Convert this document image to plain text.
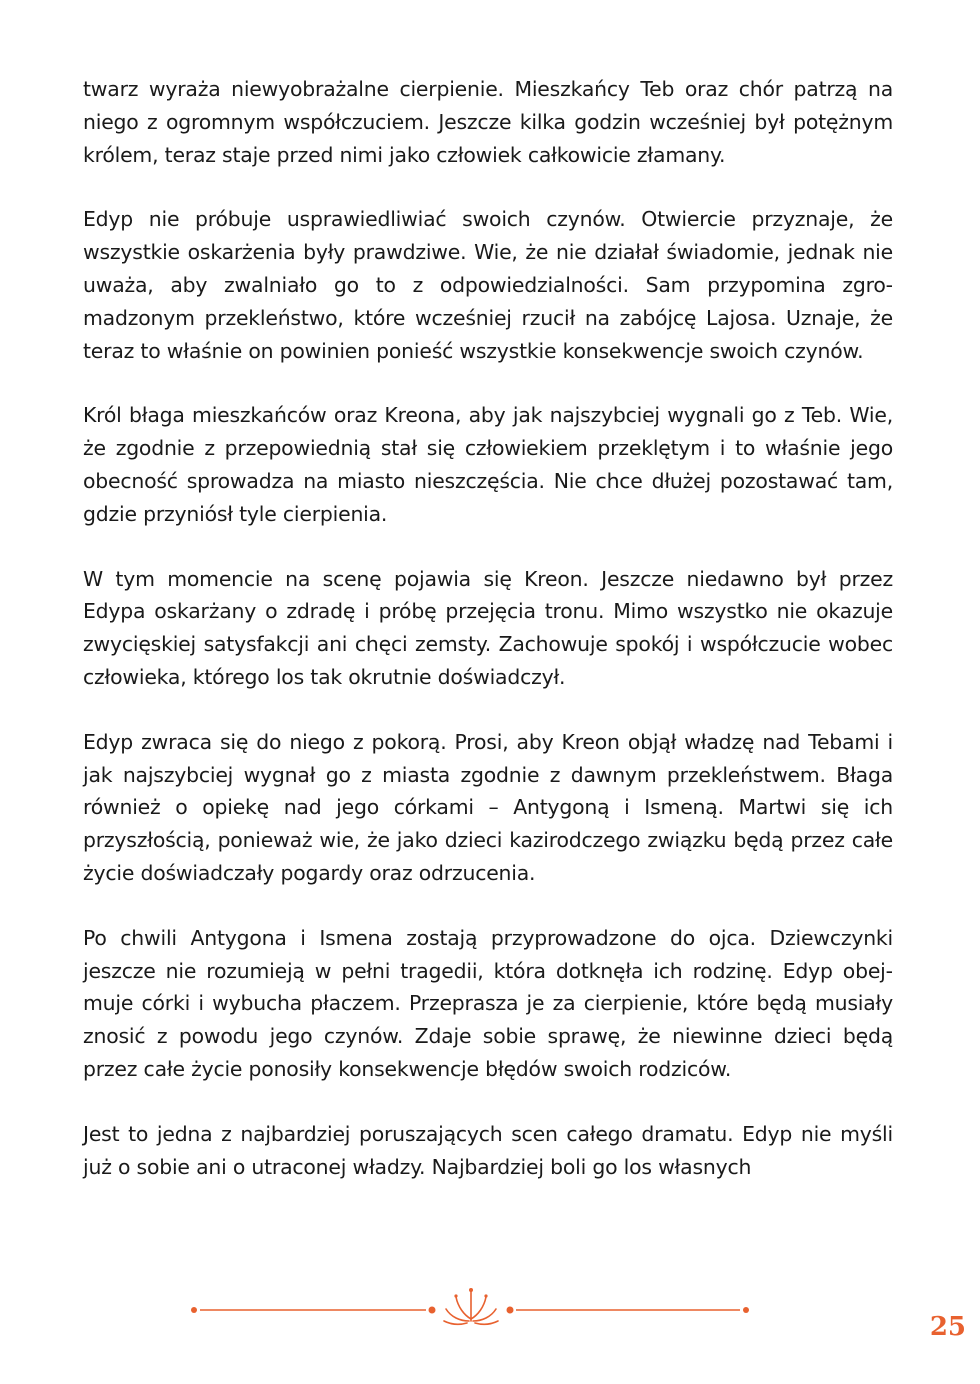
twarz wyraża niewyobrażalne cierpienie. Mieszkańcy Teb oraz chór patrzą na niego z ogromnym współczuciem. Jeszcze kilka godzin wcześniej był potężnym królem, teraz staje przed nimi jako człowiek całkowicie złamany.

Edyp nie próbuje usprawiedliwiać swoich czynów. Otwiercie przyznaje, że wszystkie oskarżenia były prawdziwe. Wie, że nie działał świadomie, jednak nie uważa, aby zwalniało go to z odpowiedzialności. Sam przypomina zgromadzonym przekleństwo, które wcześniej rzucił na zabójcę Lajosa. Uznaje, że teraz to właśnie on powinien ponieść wszystkie konsekwencje swoich czynów.

Król błaga mieszkańców oraz Kreona, aby jak najszybciej wygnali go z Teb. Wie, że zgodnie z przepowiednią stał się człowiekiem przeklętym i to właśnie jego obecność sprowadza na miasto nieszczęścia. Nie chce dłużej pozostawać tam, gdzie przyniósł tyle cierpienia.

W tym momencie na scenę pojawia się Kreon. Jeszcze niedawno był przez Edypa oskarżany o zdradę i próbę przejęcia tronu. Mimo wszystko nie okazuje zwycięskiej satysfakcji ani chęci zemsty. Zachowuje spokój i współczucie wobec człowieka, którego los tak okrutnie doświadczył.

Edyp zwraca się do niego z pokorą. Prosi, aby Kreon objął władzę nad Tebami i jak najszybciej wygnał go z miasta zgodnie z dawnym przekleństwem. Błaga również o opiekę nad jego córkami – Antygoną i Ismeną. Martwi się ich przyszłością, ponieważ wie, że jako dzieci kazirodczego związku będą przez całe życie doświadczały pogardy oraz odrzucenia.

Po chwili Antygona i Ismena zostają przyprowadzone do ojca. Dziewczynki jeszcze nie rozumieją w pełni tragedii, która dotknęła ich rodzinę. Edyp obejmuje córki i wybucha płaczem. Przeprasza je za cierpienie, które będą musiały znosić z powodu jego czynów. Zdaje sobie sprawę, że niewinne dzieci będą przez całe życie ponosiły konsekwencje błędów swoich rodziców.

Jest to jedna z najbardziej poruszających scen całego dramatu. Edyp nie myśli już o sobie ani o utraconej władzy. Najbardziej boli go los własnych

25
